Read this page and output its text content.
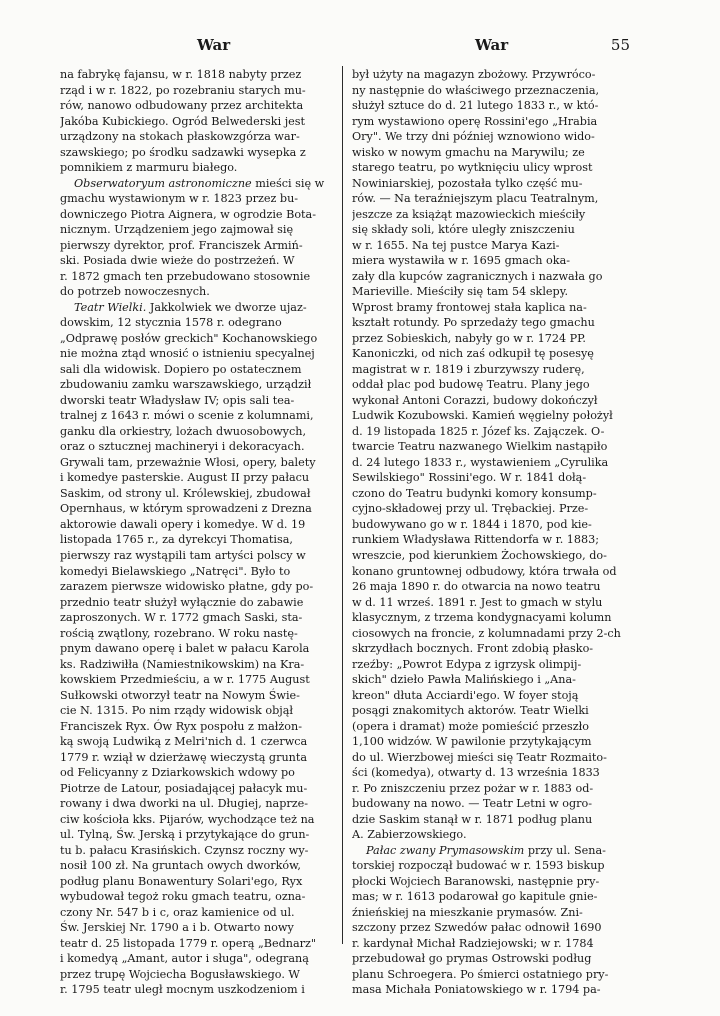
War	War	55
na fabrykę fajansu, w r. 1818 nabyty przez
rząd i w r. 1822, po rozebraniu starych mu-
rów, nanowo odbudowany przez architekta
Jakóba Kubickiego. Ogród Belwederski jest
urządzony na stokach płaskowzgórza war-
szawskiego; po środku sadzawki wysepka z
pomnikiem z marmuru białego.
Obserwatoryum astronomiczne mieści się w
gmachu wystawionym w r. 1823 przez bu-
downiczego Piotra Aignera, w ogrodzie Bota-
nicznym. Urządzeniem jego zajmował się
pierwszy dyrektor, prof. Franciszek Armiń-
ski. Posiada dwie wieże do postrzeżeń. W
r. 1872 gmach ten przebudowano stosownie
do potrzeb nowoczesnych.
Teatr Wielki. Jakkolwiek we dworze ujaz-
dowskim, 12 stycznia 1578 r. odegrano
„Odprawę posłów greckich" Kochanowskiego
nie można ztąd wnosić o istnieniu specyalnej
sali dla widowisk. Dopiero po ostatecznem
zbudowaniu zamku warszawskiego, urządził
dworski teatr Władysław IV; opis sali tea-
tralnej z 1643 r. mówi o scenie z kolumnami,
ganku dla orkiestry, lożach dwuosobowych,
oraz o sztucznej machineryi i dekoracyach.
Grywali tam, przeważnie Włosi, opery, balety
i komedye pasterskie. August II przy pałacu
Saskim, od strony ul. Królewskiej, zbudował
Opernhaus, w którym sprowadzeni z Drezna
aktorowie dawali opery i komedye. W d. 19
listopada 1765 r., za dyrekcyi Thomatisa,
pierwszy raz wystąpili tam artyści polscy w
komedyi Bielawskiego „Natręci". Było to
zarazem pierwsze widowisko płatne, gdy po-
przednio teatr służył wyłącznie do zabawie
zaproszonych. W r. 1772 gmach Saski, sta-
rością zwątlony, rozebrano. W roku nastę-
pnym dawano operę i balet w pałacu Karola
ks. Radziwiłła (Namiestnikowskim) na Kra-
kowskiem Przedmieściu, a w r. 1775 August
Sułkowski otworzył teatr na Nowym Świe-
cie N. 1315. Po nim rządy widowisk objął
Franciszek Ryx. Ów Ryx pospołu z małżon-
ką swoją Ludwiką z Melri'nich d. 1 czerwca
1779 r. wziął w dzierżawę wieczystą grunta
od Felicyanny z Dziarkowskich wdowy po
Piotrze de Latour, posiadającej pałacyk mu-
rowany i dwa dworki na ul. Długiej, naprze-
ciw kościoła kks. Pijarów, wychodzące też na
ul. Tylną, Św. Jerską i przytykające do grun-
tu b. pałacu Krasińskich. Czynsz roczny wy-
nosił 100 zł. Na gruntach owych dworków,
podług planu Bonawentury Solari'ego, Ryx
wybudował tegoż roku gmach teatru, ozna-
czony Nr. 547 b i c, oraz kamienice od ul.
Św. Jerskiej Nr. 1790 a i b. Otwarto nowy
teatr d. 25 listopada 1779 r. operą „Bednarz"
i komedyą „Amant, autor i sługa", odegraną
przez trupę Wojciecha Bogusławskiego. W
r. 1795 teatr uległ mocnym uszkodzeniom i
był użyty na magazyn zbożowy. Przywróco-
ny następnie do właściwego przeznaczenia,
służył sztuce do d. 21 lutego 1833 r., w któ-
rym wystawiono operę Rossini'ego „Hrabia
Ory". We trzy dni później wznowiono wido-
wisko w nowym gmachu na Marywilu; ze
starego teatru, po wytknięciu ulicy wprost
Nowiniarskiej, pozostała tylko część mu-
rów. — Na teraźniejszym placu Teatralnym,
jeszcze za książąt mazowieckich mieściły
się składy soli, które uległy zniszczeniu
w r. 1655. Na tej pustce Marya Kazi-
miera wystawiła w r. 1695 gmach oka-
zały dla kupców zagranicznych i nazwała go
Marieville. Mieściły się tam 54 sklepy.
Wprost bramy frontowej stała kaplica na-
kształt rotundy. Po sprzedaży tego gmachu
przez Sobieskich, nabyły go w r. 1724 PP.
Kanoniczki, od nich zaś odkupił tę posesyę
magistrat w r. 1819 i zburzywszy ruderę,
oddał plac pod budowę Teatru. Plany jego
wykonał Antoni Corazzi, budowy dokończył
Ludwik Kozubowski. Kamień węgielny położył
d. 19 listopada 1825 r. Józef ks. Zajączek. O-
twarcie Teatru nazwanego Wielkim nastąpiło
d. 24 lutego 1833 r., wystawieniem „Cyrulika
Sewilskiego" Rossini'ego. W r. 1841 dołą-
czono do Teatru budynki komory konsump-
cyjno-składowej przy ul. Trębackiej. Prze-
budowywano go w r. 1844 i 1870, pod kie-
runkiem Władysława Rittendorfa w r. 1883;
wreszcie, pod kierunkiem Żochowskiego, do-
konano gruntownej odbudowy, która trwała od
26 maja 1890 r. do otwarcia na nowo teatru
w d. 11 wrześ. 1891 r. Jest to gmach w stylu
klasycznym, z trzema kondygnacyami kolumn
ciosowych na froncie, z kolumnadami przy 2-ch
skrzydłach bocznych. Front zdobią płasko-
rzeźby: „Powrot Edypa z igrzysk olimpij-
skich" dzieło Pawła Malińskiego i „Ana-
kreon" dłuta Acciardi'ego. W foyer stoją
posągi znakomitych aktorów. Teatr Wielki
(opera i dramat) może pomieścić przeszło
1,100 widzów. W pawilonie przytykającym
do ul. Wierzbowej mieści się Teatr Rozmaito-
ści (komedya), otwarty d. 13 września 1833
r. Po zniszczeniu przez pożar w r. 1883 od-
budowany na nowo. — Teatr Letni w ogro-
dzie Saskim stanął w r. 1871 podług planu
A. Zabierzowskiego.
Pałac zwany Prymasowskim przy ul. Sena-
torskiej rozpoczął budować w r. 1593 biskup
płocki Wojciech Baranowski, następnie pry-
mas; w r. 1613 podarował go kapitule gnie-
źnieńskiej na mieszkanie prymasów. Zni-
szczony przez Szwedów pałac odnowił 1690
r. kardynał Michał Radziejowski; w r. 1784
przebudował go prymas Ostrowski podług
planu Schroegera. Po śmierci ostatniego pry-
masa Michała Poniatowskiego w r. 1794 pa-
